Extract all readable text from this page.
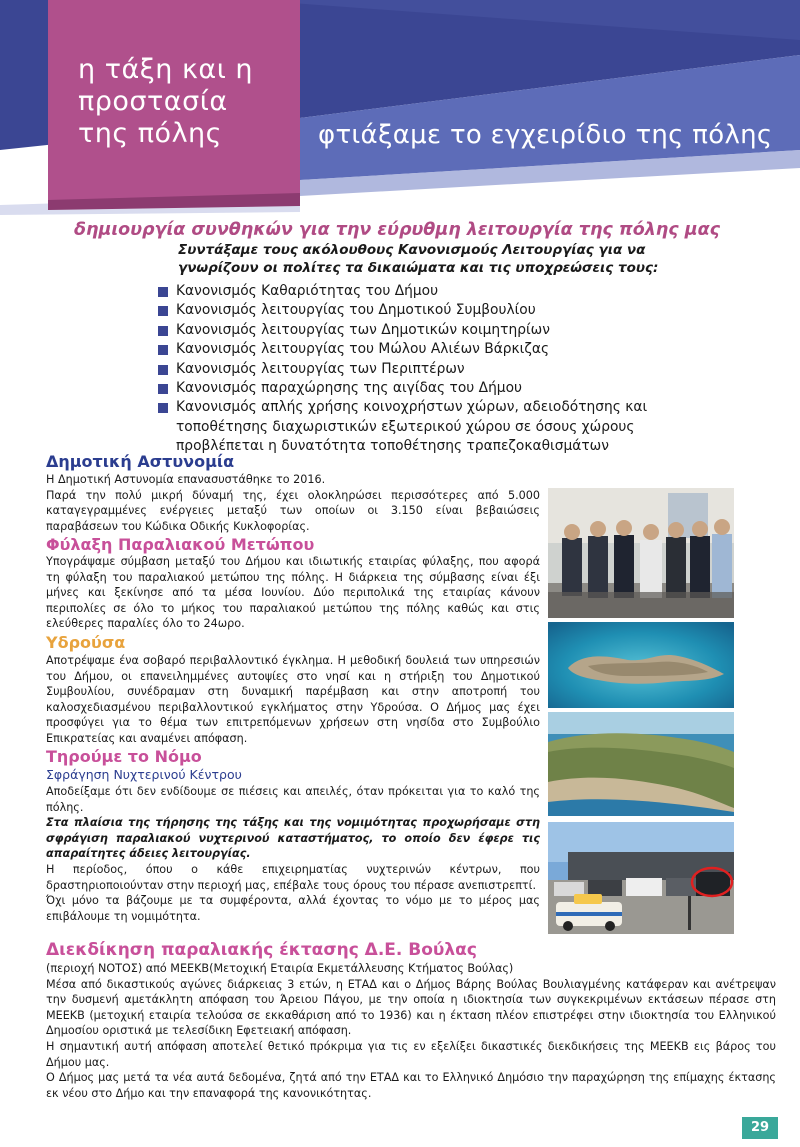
η τάξη και η
προστασία
της πόλης	φτιάξαμε το εγχειρίδιο της πόλης
δημιουργία συνθηκών για την εύρυθμη λειτουργία της πόλης μας
Συντάξαμε τους ακόλουθους Κανονισμούς Λειτουργίας για να γνωρίζουν οι πολίτες τα δικαιώματα και τις υποχρεώσεις τους:
Κανονισμός Καθαριότητας του Δήμου
Κανονισμός λειτουργίας του Δημοτικού Συμβουλίου
Κανονισμός λειτουργίας των Δημοτικών κοιμητηρίων
Κανονισμός λειτουργίας του Μώλου Αλιέων Βάρκιζας
Κανονισμός λειτουργίας των Περιπτέρων
Κανονισμός παραχώρησης της αιγίδας του Δήμου
Κανονισμός απλής χρήσης κοινοχρήστων χώρων, αδειοδότησης και τοποθέτησης διαχωριστικών εξωτερικού χώρου σε όσους χώρους προβλέπεται η δυνατότητα τοποθέτησης τραπεζοκαθισμάτων
Δημοτική Αστυνομία

Η Δημοτική Αστυνομία επανασυστάθηκε το 2016.

Παρά την πολύ μικρή δύναμή της, έχει ολοκληρώσει περισσότερες από 5.000 καταγεγραμμένες ενέργειες μεταξύ των οποίων οι 3.150 είναι βεβαιώσεις παραβάσεων του Κώδικα Οδικής Κυκλοφορίας.

Φύλαξη Παραλιακού Μετώπου

Υπογράψαμε σύμβαση μεταξύ του Δήμου και ιδιωτικής εταιρίας φύλαξης, που αφορά τη φύλαξη του παραλιακού μετώπου της πόλης. Η διάρκεια της σύμβασης είναι έξι μήνες και ξεκίνησε από τα μέσα Ιουνίου. Δύο περιπολικά της εταιρίας κάνουν περιπολίες σε όλο το μήκος του παραλιακού μετώπου της πόλης καθώς και στις ελεύθερες παραλίες όλο το 24ωρο.

Υδρούσα

Αποτρέψαμε ένα σοβαρό περιβαλλοντικό έγκλημα. Η μεθοδική δουλειά των υπηρεσιών του Δήμου, οι επανειλημμένες αυτοψίες στο νησί και η στήριξη του Δημοτικού Συμβουλίου, συνέδραμαν στη δυναμική παρέμβαση και στην αποτροπή του καλοσχεδιασμένου περιβαλλοντικού εγκλήματος στην Υδρούσα. Ο Δήμος μας έχει προσφύγει για το θέμα των επιτρεπόμενων χρήσεων στη νησίδα στο Συμβούλιο Επικρατείας και αναμένει απόφαση.

Τηρούμε το Νόμο
Σφράγηση Νυχτερινού Κέντρου

Αποδείξαμε ότι δεν ενδίδουμε σε πιέσεις και απειλές, όταν πρόκειται για το καλό της πόλης.

Στα πλαίσια της τήρησης της τάξης και της νομιμότητας προχωρήσαμε στη σφράγιση παραλιακού νυχτερινού καταστήματος, το οποίο δεν έφερε τις απαραίτητες άδειες λειτουργίας.

Η περίοδος, όπου ο κάθε επιχειρηματίας νυχτερινών κέντρων, που δραστηριοποιούνταν στην περιοχή μας, επέβαλε τους όρους του πέρασε ανεπιστρεπτί.

Όχι μόνο τα βάζουμε με τα συμφέροντα, αλλά έχοντας το νόμο με το μέρος μας επιβάλουμε τη νομιμότητα.

Διεκδίκηση παραλιακής έκτασης Δ.Ε. Βούλας

(περιοχή ΝΟΤΟΣ) από ΜΕΕΚΒ(Μετοχική Εταιρία Εκμετάλλευσης Κτήματος Βούλας)

Μέσα από δικαστικούς αγώνες διάρκειας 3 ετών, η ΕΤΑΔ και ο Δήμος Βάρης Βούλας Βουλιαγμένης κατάφεραν και ανέτρεψαν την δυσμενή αμετάκλητη απόφαση του Άρειου Πάγου, με την οποία η ιδιοκτησία των συγκεκριμένων εκτάσεων πέρασε στη ΜΕΕΚΒ (μετοχική εταιρία τελούσα σε εκκαθάριση από το 1936) και η έκταση πλέον επιστρέφει στην ιδιοκτησία του Ελληνικού Δημοσίου οριστικά με τελεσίδικη Εφετειακή απόφαση.

Η σημαντική αυτή απόφαση αποτελεί θετικό πρόκριμα για τις εν εξελίξει δικαστικές διεκδικήσεις της ΜΕΕΚΒ εις βάρος του Δήμου μας.

Ο Δήμος μας μετά τα νέα αυτά δεδομένα, ζητά από την ΕΤΑΔ και το Ελληνικό Δημόσιο την παραχώρηση της επίμαχης έκτασης εκ νέου στο Δήμο και την επαναφορά της κανονικότητας.

29
